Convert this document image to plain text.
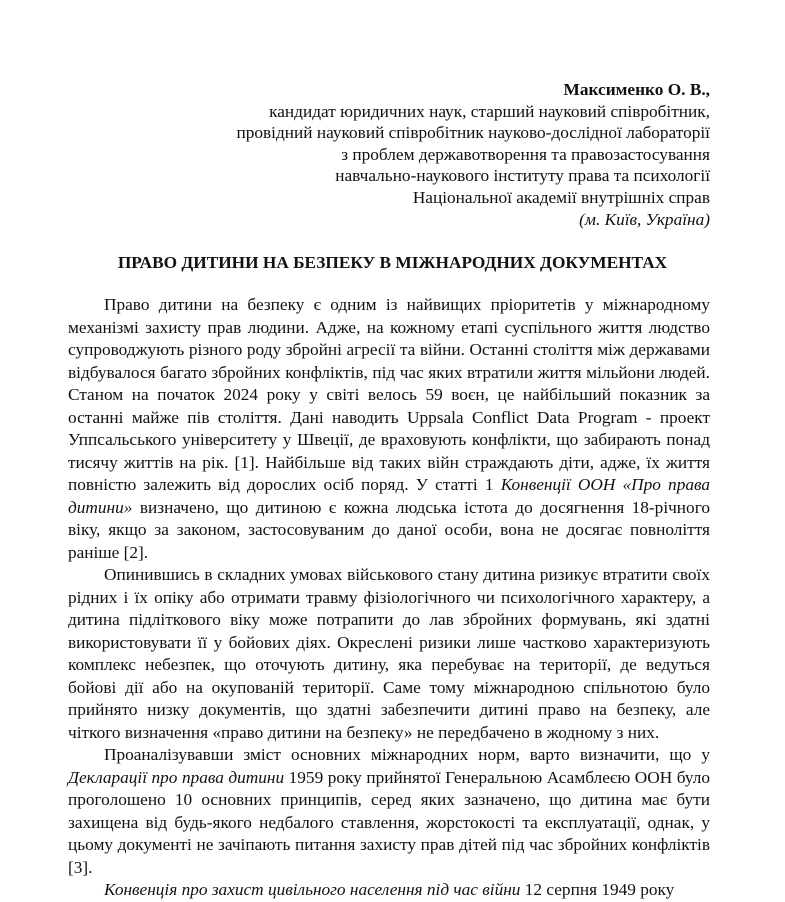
Максименко О. В.,
кандидат юридичних наук, старший науковий співробітник,
провідний науковий співробітник науково-дослідної лабораторії
з проблем державотворення та правозастосування
навчально-наукового інституту права та психології
Національної академії внутрішніх справ
(м. Київ, Україна)
ПРАВО ДИТИНИ НА БЕЗПЕКУ В МІЖНАРОДНИХ ДОКУМЕНТАХ

Право дитини на безпеку є одним із найвищих пріоритетів у міжнародному механізмі захисту прав людини. Адже, на кожному етапі суспільного життя людство супроводжують різного роду збройні агресії та війни. Останні століття між державами відбувалося багато збройних конфліктів, під час яких втратили життя мільйони людей. Станом на початок 2024 року у світі велось 59 воєн, це найбільший показник за останні майже пів століття. Дані наводить Uppsala Conflict Data Program - проект Уппсальського університету у Швеції, де враховують конфлікти, що забирають понад тисячу життів на рік. [1]. Найбільше від таких війн страждають діти, адже, їх життя повністю залежить від дорослих осіб поряд. У статті 1 Конвенції ООН «Про права дитини» визначено, що дитиною є кожна людська істота до досягнення 18-річного віку, якщо за законом, застосовуваним до даної особи, вона не досягає повноліття раніше [2].

Опинившись в складних умовах військового стану дитина ризикує втратити своїх рідних і їх опіку або отримати травму фізіологічного чи психологічного характеру, а дитина підліткового віку може потрапити до лав збройних формувань, які здатні використовувати її у бойових діях. Окреслені ризики лише частково характеризують комплекс небезпек, що оточують дитину, яка перебуває на території, де ведуться бойові дії або на окупованій території. Саме тому міжнародною спільнотою було прийнято низку документів, що здатні забезпечити дитині право на безпеку, але чіткого визначення «право дитини на безпеку» не передбачено в жодному з них.

Проаналізувавши зміст основних міжнародних норм, варто визначити, що у Декларації про права дитини 1959 року прийнятої Генеральною Асамблеєю ООН було проголошено 10 основних принципів, серед яких зазначено, що дитина має бути захищена від будь-якого недбалого ставлення, жорстокості та експлуатації, однак, у цьому документі не зачіпають питання захисту прав дітей під час збройних конфліктів [3].

Конвенція про захист цивільного населення під час війни 12 серпня 1949 року
